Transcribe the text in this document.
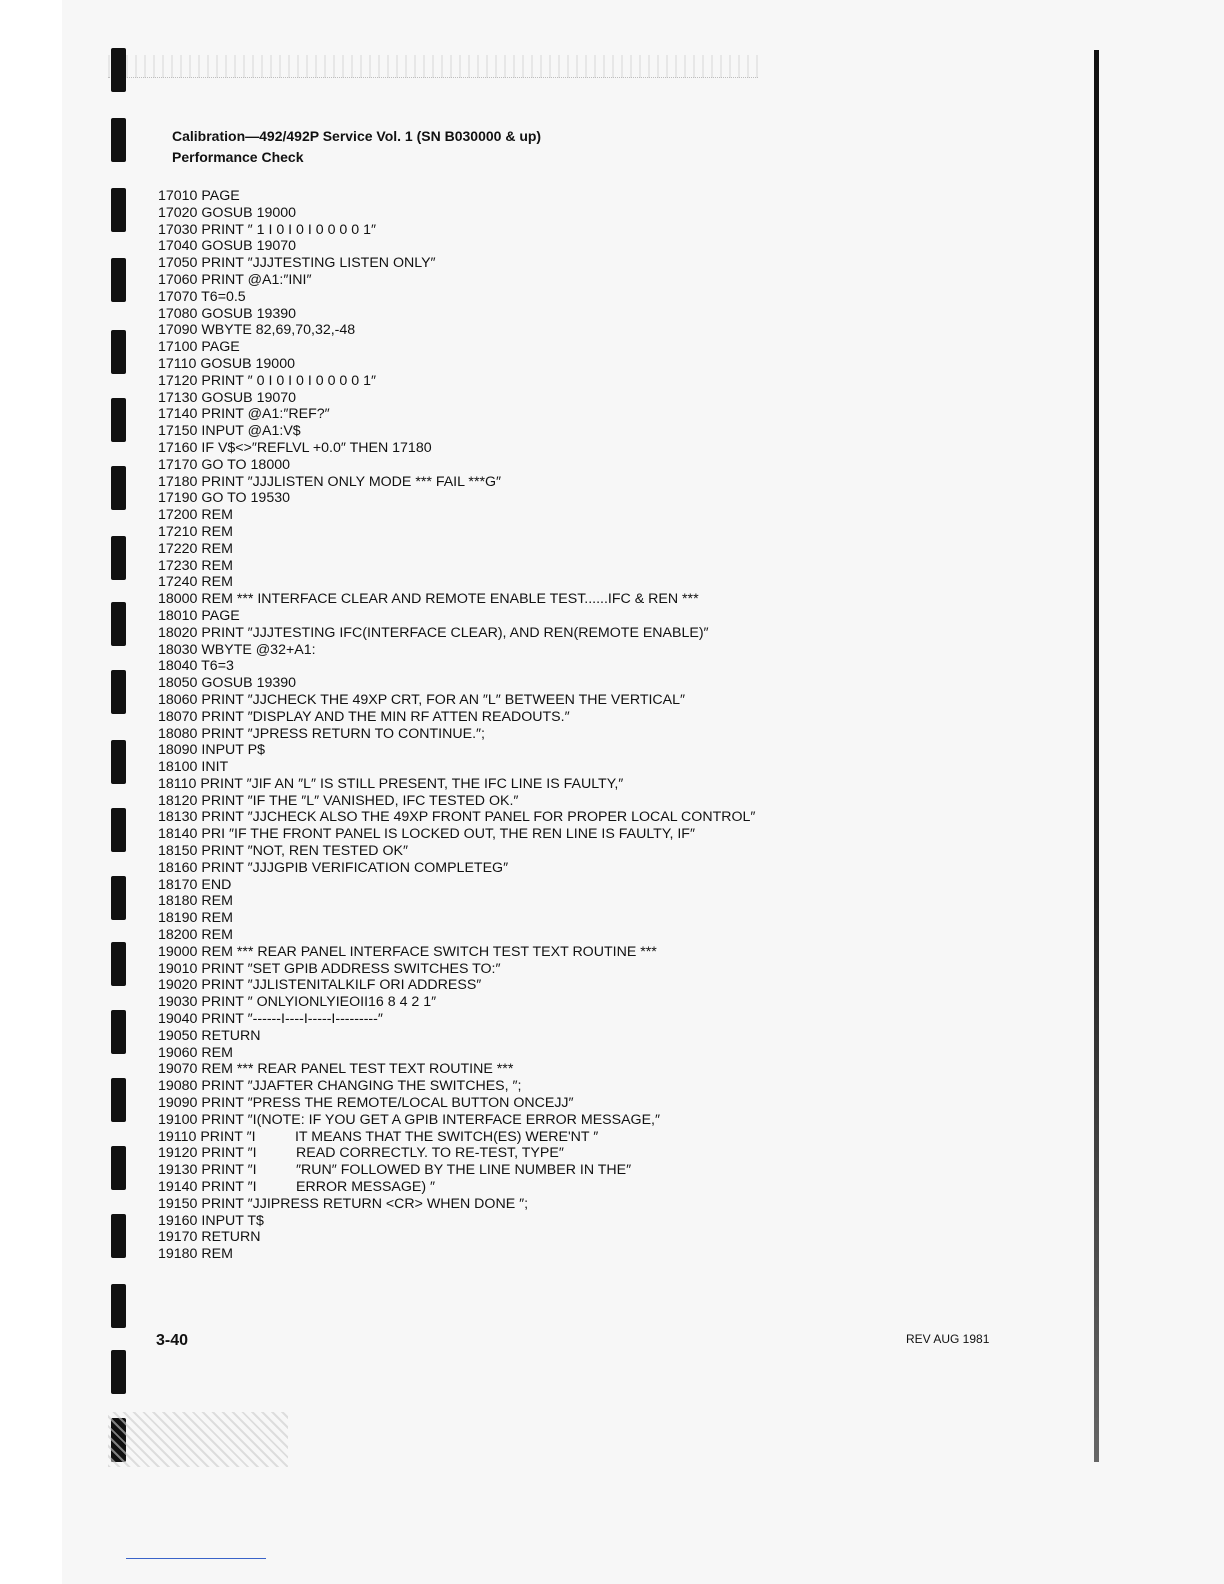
Calibration—492/492P Service Vol. 1 (SN B030000 & up)
Performance Check
17010 PAGE
17020 GOSUB 19000
17030 PRINT ″ 1 I 0 I 0 I 0 0 0 0 1″
17040 GOSUB 19070
17050 PRINT ″JJJTESTING LISTEN ONLY″
17060 PRINT @A1:″INI″
17070 T6=0.5
17080 GOSUB 19390
17090 WBYTE 82,69,70,32,-48
17100 PAGE
17110 GOSUB 19000
17120 PRINT ″ 0 I 0 I 0 I 0 0 0 0 1″
17130 GOSUB 19070
17140 PRINT @A1:″REF?″
17150 INPUT @A1:V$
17160 IF V$<>″REFLVL +0.0″ THEN 17180
17170 GO TO 18000
17180 PRINT ″JJJLISTEN ONLY MODE *** FAIL ***G″
17190 GO TO 19530
17200 REM
17210 REM
17220 REM
17230 REM
17240 REM
18000 REM *** INTERFACE CLEAR AND REMOTE ENABLE TEST......IFC & REN ***
18010 PAGE
18020 PRINT ″JJJTESTING IFC(INTERFACE CLEAR), AND REN(REMOTE ENABLE)″
18030 WBYTE @32+A1:
18040 T6=3
18050 GOSUB 19390
18060 PRINT ″JJCHECK THE 49XP CRT, FOR AN ″L″ BETWEEN THE VERTICAL″
18070 PRINT ″DISPLAY AND THE MIN RF ATTEN READOUTS.″
18080 PRINT ″JPRESS RETURN TO CONTINUE.″;
18090 INPUT P$
18100 INIT
18110 PRINT ″JIF AN ″L″ IS STILL PRESENT, THE IFC LINE IS FAULTY,″
18120 PRINT ″IF THE ″L″ VANISHED, IFC TESTED OK.″
18130 PRINT ″JJCHECK ALSO THE 49XP FRONT PANEL FOR PROPER LOCAL CONTROL″
18140 PRI ″IF THE FRONT PANEL IS LOCKED OUT, THE REN LINE IS FAULTY, IF″
18150 PRINT ″NOT, REN TESTED OK″
18160 PRINT ″JJJGPIB VERIFICATION COMPLETEG″
18170 END
18180 REM
18190 REM
18200 REM
19000 REM *** REAR PANEL INTERFACE SWITCH TEST TEXT ROUTINE ***
19010 PRINT ″SET GPIB ADDRESS SWITCHES TO:″
19020 PRINT ″JJLISTENITALKILF ORI ADDRESS″
19030 PRINT ″ ONLYIONLYIEOII16 8 4 2 1″
19040 PRINT ″------I----I-----I---------″
19050 RETURN
19060 REM
19070 REM *** REAR PANEL TEST TEXT ROUTINE ***
19080 PRINT ″JJAFTER CHANGING THE SWITCHES, ″;
19090 PRINT ″PRESS THE REMOTE/LOCAL BUTTON ONCEJJ″
19100 PRINT ″I(NOTE: IF YOU GET A GPIB INTERFACE ERROR MESSAGE,″
19110 PRINT ″I          IT MEANS THAT THE SWITCH(ES) WERE'NT ″
19120 PRINT ″I          READ CORRECTLY. TO RE-TEST, TYPE″
19130 PRINT ″I          ″RUN″ FOLLOWED BY THE LINE NUMBER IN THE″
19140 PRINT ″I          ERROR MESSAGE) ″
19150 PRINT ″JJIPRESS RETURN <CR> WHEN DONE ″;
19160 INPUT T$
19170 RETURN
19180 REM
3-40	REV AUG 1981
